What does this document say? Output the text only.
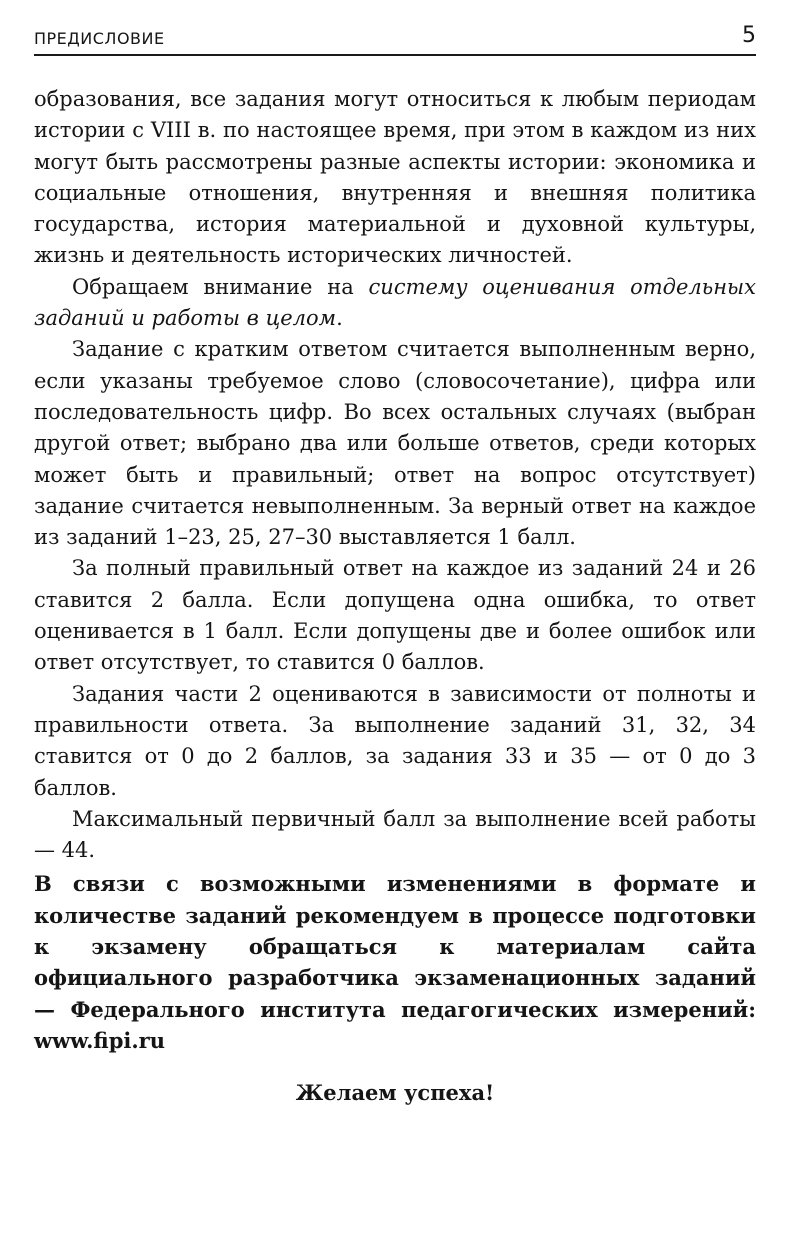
ПРЕДИСЛОВИЕ	5

образования, все задания могут относиться к любым периодам истории с VIII в. по настоящее время, при этом в каждом из них могут быть рассмотрены разные аспекты истории: экономика и социальные отношения, внутренняя и внешняя политика государства, история материальной и духовной культуры, жизнь и деятельность исторических личностей.

Обращаем внимание на систему оценивания отдельных заданий и работы в целом.

Задание с кратким ответом считается выполненным верно, если указаны требуемое слово (словосочетание), цифра или последовательность цифр. Во всех остальных случаях (выбран другой ответ; выбрано два или больше ответов, среди которых может быть и правильный; ответ на вопрос отсутствует) задание считается невыполненным. За верный ответ на каждое из заданий 1–23, 25, 27–30 выставляется 1 балл.

За полный правильный ответ на каждое из заданий 24 и 26 ставится 2 балла. Если допущена одна ошибка, то ответ оценивается в 1 балл. Если допущены две и более ошибок или ответ отсутствует, то ставится 0 баллов.

Задания части 2 оцениваются в зависимости от полноты и правильности ответа. За выполнение заданий 31, 32, 34 ставится от 0 до 2 баллов, за задания 33 и 35 — от 0 до 3 баллов.

Максимальный первичный балл за выполнение всей работы — 44.

В связи с возможными изменениями в формате и количестве заданий рекомендуем в процессе подготовки к экзамену обращаться к материалам сайта официального разработчика экзаменационных заданий — Федерального института педагогических измерений: www.fipi.ru

Желаем успеха!
